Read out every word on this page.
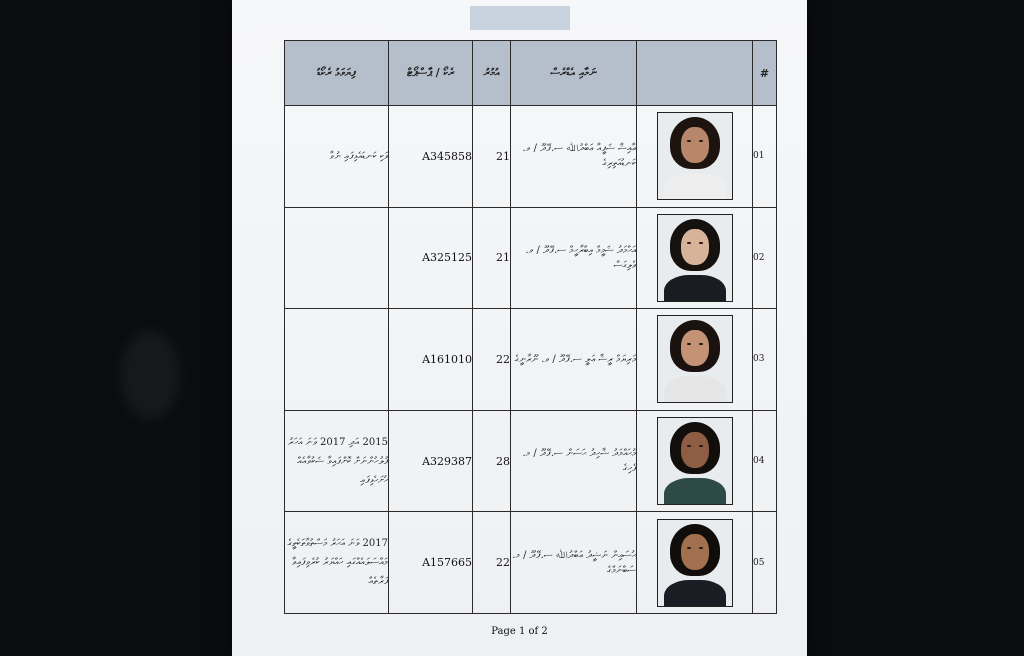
ފިޔަވަޅު ރެކޯޑު	ރެކޯ / ޕާސްޕޯޓް	އުމުރު	ނަމާއި އެޑްރެސް		#

ވަކި ކަނޑައެޅިފައި ނުވާ	A345858	21	ޢާއިޝާ ޝަފީއާ ޢަބްދުﷲ ސ.ފޭދޫ / ވ. ކަނޑުއަތިރިގެ		01
	A325125	21	އަޙްމަދު ޝަމީމް އިބްރާހީމް ސ.ފޭދޫ / ވ. ވެލިގަސް		02
	A161010	22	މަރިޔަމް ރީޝާ ޢަލީ ސ.ފޭދޫ / ވ. ނޫރާނީގެ		03
2015 އަދި 2017 ވަނަ އަހަރު ފުލުހުންނަށް ކޮށްފައިވާ ޝަކުވާއެއް ހުށަހެޅިފައި	A329387	28	މުޙައްމަދު ޝާހިދު ޙަސަން ސ.ފޭދޫ / މ. ފެހިގެ		04
2017 ވަނަ އަހަރު މަސްތުވާތަކެތީގެ މައްސަލައެއްގައި ހައްޔަރު ކުރެވިފައިވާ ފަރާތެއް	A157665	22	ޙުސައިން ނަޝީދު ޢަބްދުﷲ ސ.ފޭދޫ / މ. ސަބްނަމްގެ		05
Page 1 of 2
